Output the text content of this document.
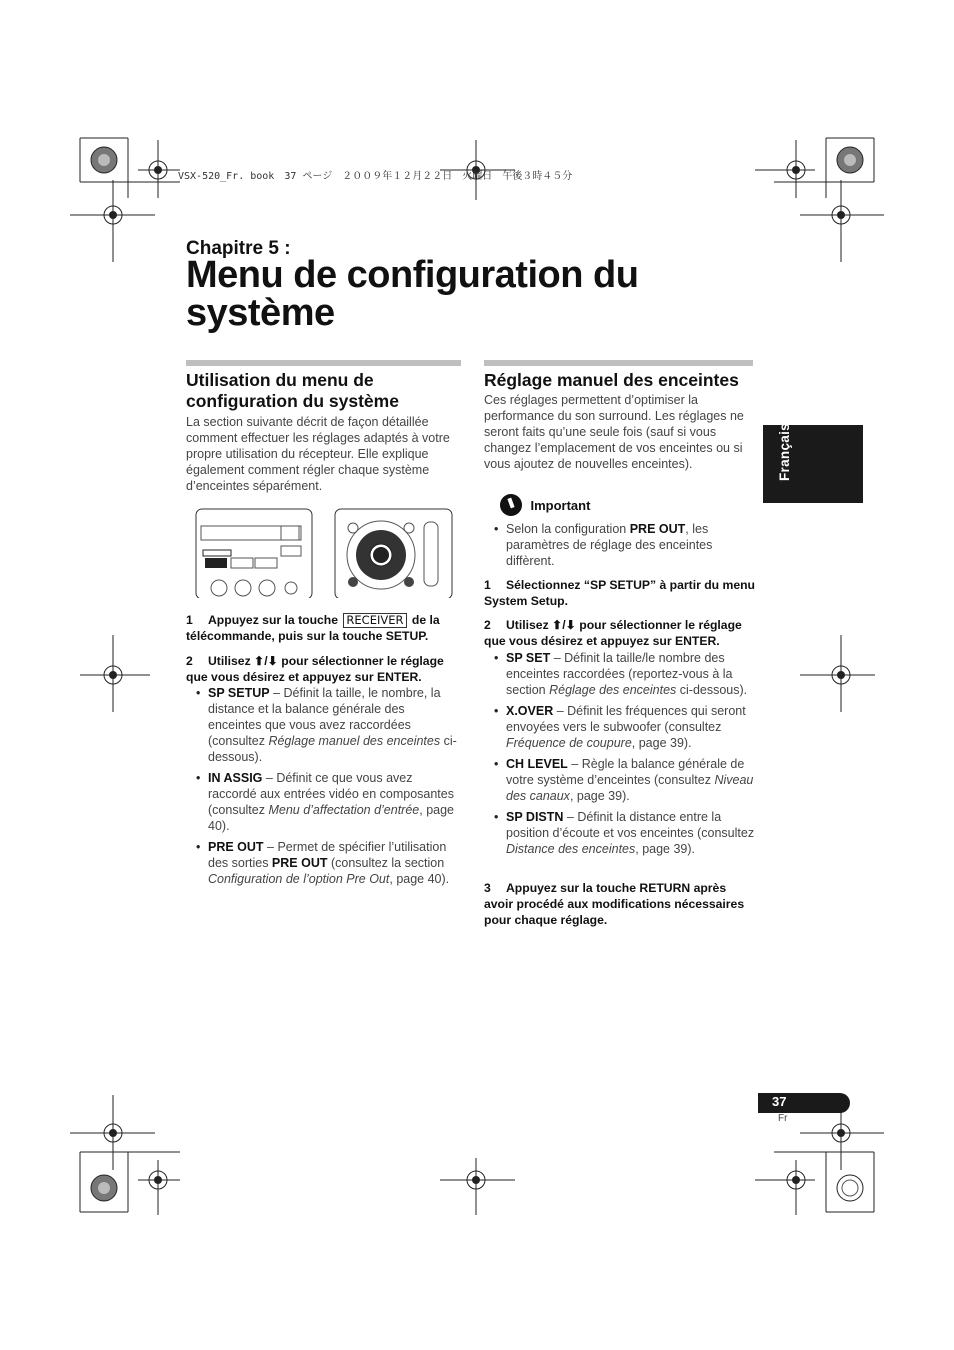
VSX-520_Fr. book　37 ページ　２００９年１２月２２日　火曜日　午後３時４５分
Chapitre 5 :
Menu de configuration du
système
Utilisation du menu de
configuration du système
La section suivante décrit de façon détaillée comment effectuer les réglages adaptés à votre propre utilisation du récepteur. Elle explique également comment régler chaque système d’enceintes séparément.
1 Appuyez sur la touche RECEIVER de la télécommande, puis sur la touche SETUP.
2 Utilisez ⬆/⬇ pour sélectionner le réglage que vous désirez et appuyez sur ENTER.
• SP SETUP – Définit la taille, le nombre, la distance et la balance générale des enceintes que vous avez raccordées (consultez Réglage manuel des enceintes ci-dessous).
• IN ASSIG – Définit ce que vous avez raccordé aux entrées vidéo en composantes (consultez Menu d’affectation d’entrée, page 40).
• PRE OUT – Permet de spécifier l’utilisation des sorties PRE OUT (consultez la section Configuration de l’option Pre Out, page 40).
Réglage manuel des enceintes
Ces réglages permettent d’optimiser la performance du son surround. Les réglages ne seront faits qu’une seule fois (sauf si vous changez l’emplacement de vos enceintes ou si vous ajoutez de nouvelles enceintes).
Important
• Selon la configuration PRE OUT, les paramètres de réglage des enceintes diffèrent.
1 Sélectionnez “SP SETUP” à partir du menu System Setup.
2 Utilisez ⬆/⬇ pour sélectionner le réglage que vous désirez et appuyez sur ENTER.
• SP SET – Définit la taille/le nombre des enceintes raccordées (reportez-vous à la section Réglage des enceintes ci-dessous).
• X.OVER – Définit les fréquences qui seront envoyées vers le subwoofer (consultez Fréquence de coupure, page 39).
• CH LEVEL – Règle la balance générale de votre système d’enceintes (consultez Niveau des canaux, page 39).
• SP DISTN – Définit la distance entre la position d’écoute et vos enceintes (consultez Distance des enceintes, page 39).
3 Appuyez sur la touche RETURN après avoir procédé aux modifications nécessaires pour chaque réglage.
Français
37
Fr
